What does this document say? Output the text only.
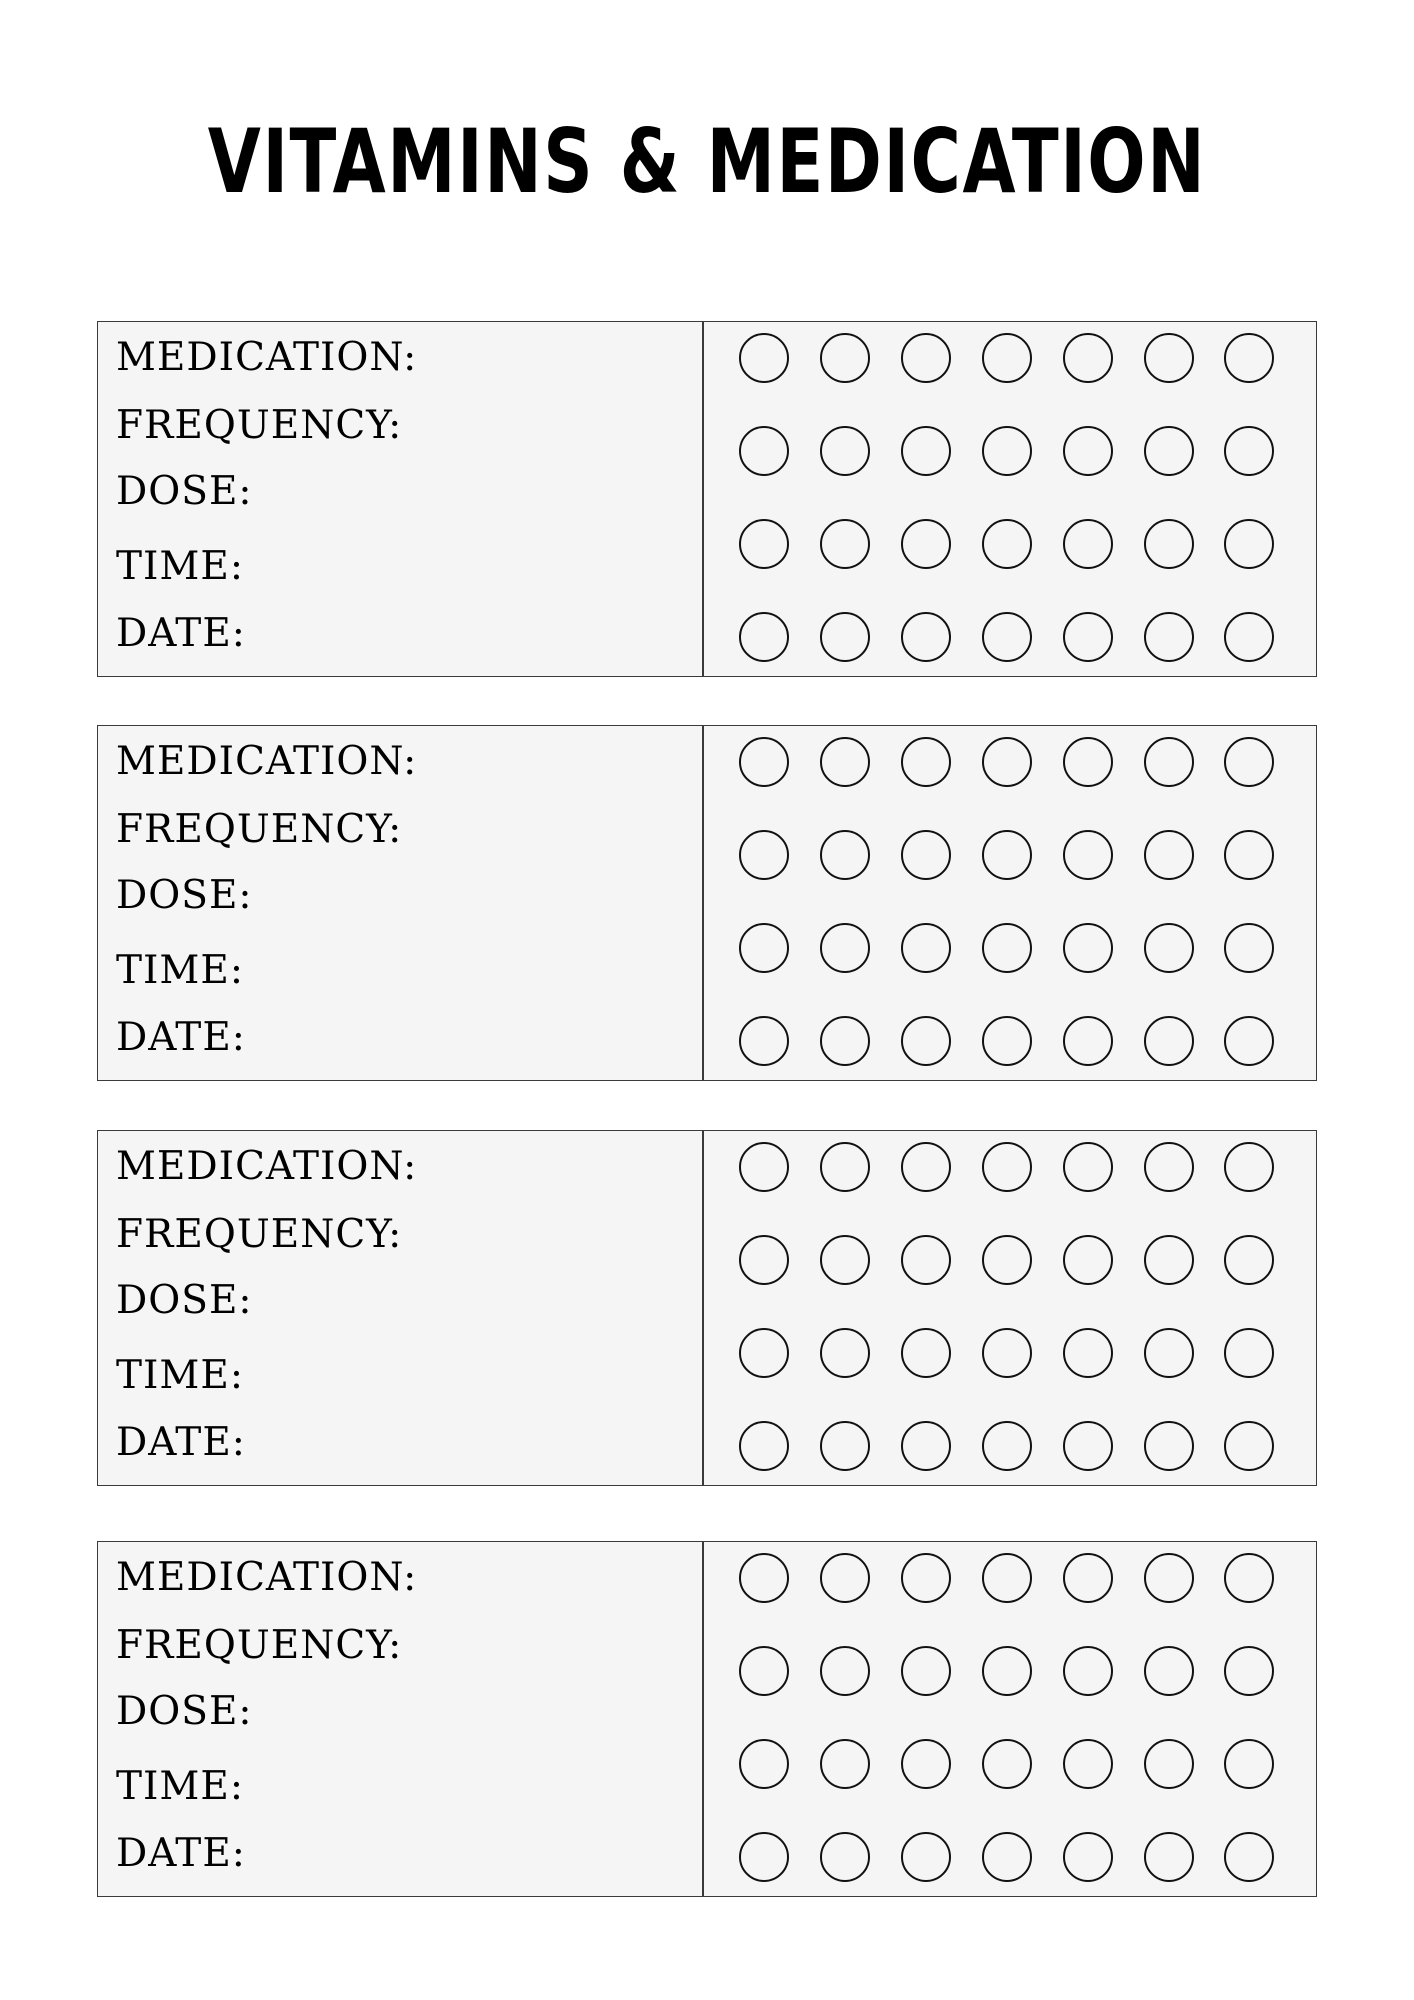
VITAMINS & MEDICATION
MEDICATION:
FREQUENCY:
DOSE:
TIME:
DATE:
MEDICATION:
FREQUENCY:
DOSE:
TIME:
DATE:
MEDICATION:
FREQUENCY:
DOSE:
TIME:
DATE:
MEDICATION:
FREQUENCY:
DOSE:
TIME:
DATE:
